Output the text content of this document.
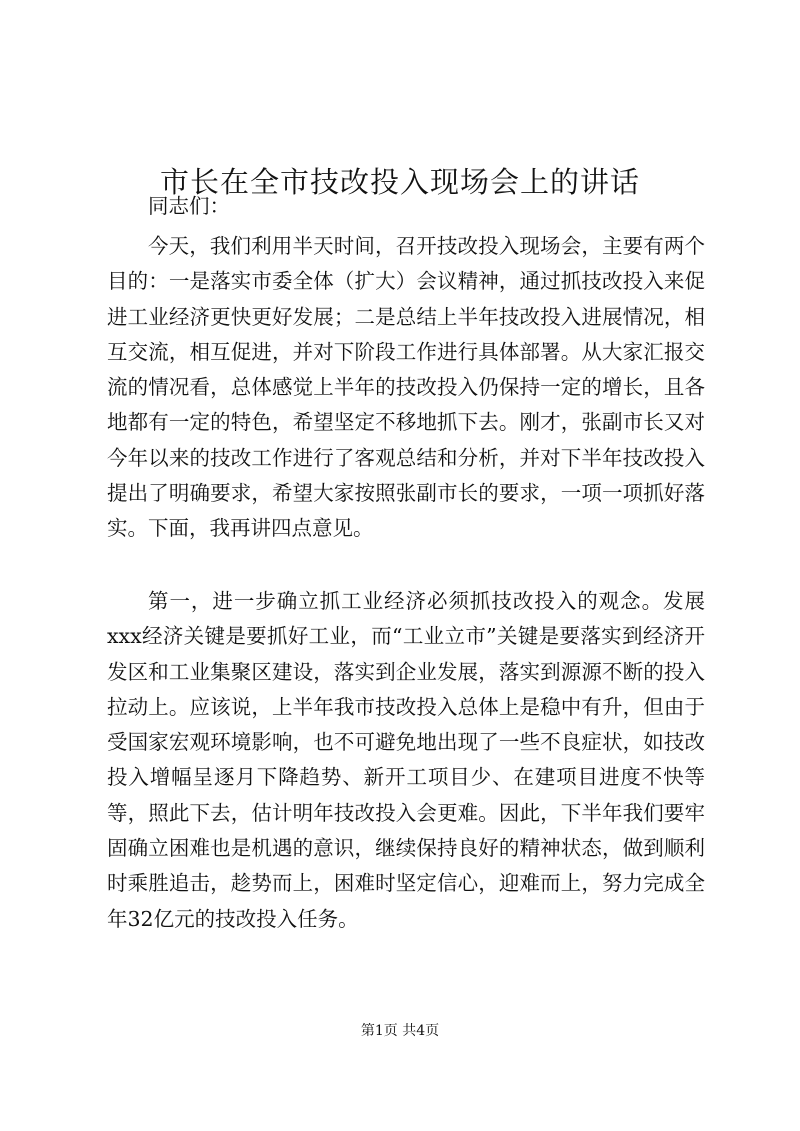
市长在全市技改投入现场会上的讲话
同志们：
今天，我们利用半天时间，召开技改投入现场会，主要有两个目的：一是落实市委全体（扩大）会议精神，通过抓技改投入来促进工业经济更快更好发展；二是总结上半年技改投入进展情况，相互交流，相互促进，并对下阶段工作进行具体部署。从大家汇报交流的情况看，总体感觉上半年的技改投入仍保持一定的增长，且各地都有一定的特色，希望坚定不移地抓下去。刚才，张副市长又对今年以来的技改工作进行了客观总结和分析，并对下半年技改投入提出了明确要求，希望大家按照张副市长的要求，一项一项抓好落实。下面，我再讲四点意见。
第一，进一步确立抓工业经济必须抓技改投入的观念。发展xxx经济关键是要抓好工业，而“工业立市”关键是要落实到经济开发区和工业集聚区建设，落实到企业发展，落实到源源不断的投入拉动上。应该说，上半年我市技改投入总体上是稳中有升，但由于受国家宏观环境影响，也不可避免地出现了一些不良症状，如技改投入增幅呈逐月下降趋势、新开工项目少、在建项目进度不快等等，照此下去，估计明年技改投入会更难。因此，下半年我们要牢固确立困难也是机遇的意识，继续保持良好的精神状态，做到顺利时乘胜追击，趁势而上，困难时坚定信心，迎难而上，努力完成全年32亿元的技改投入任务。
第1页 共4页
